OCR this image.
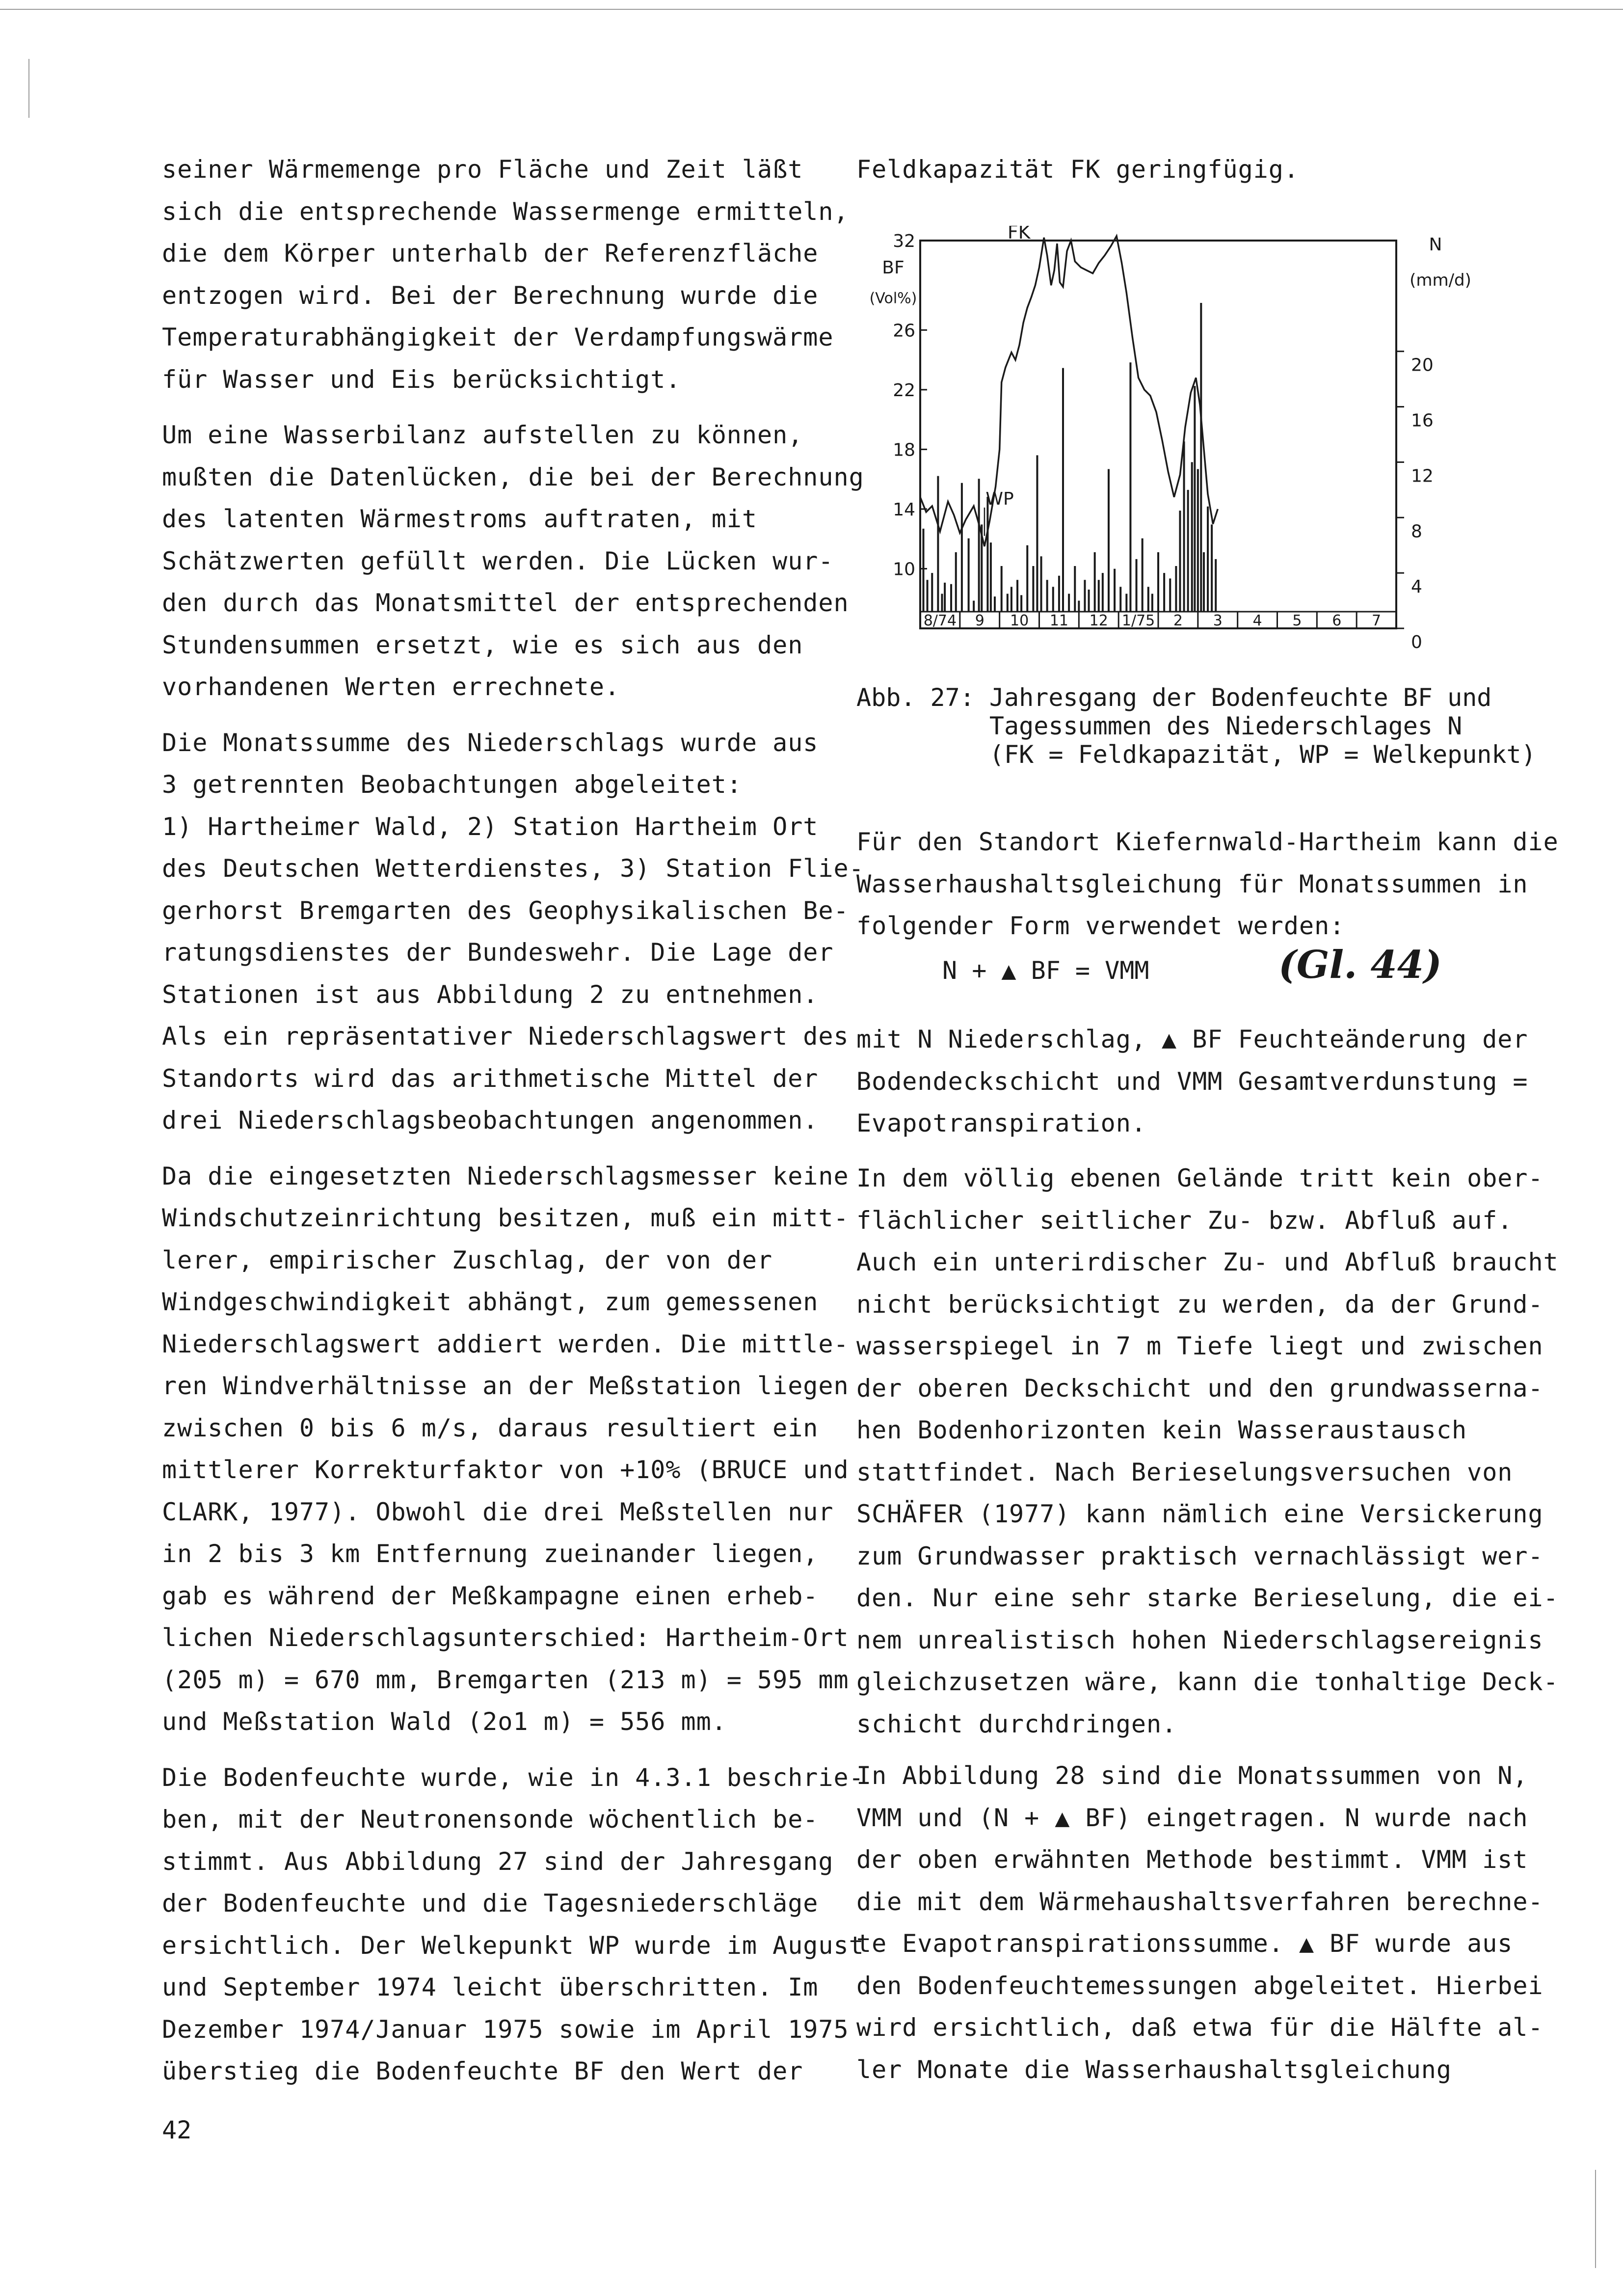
seiner Wärmemenge pro Fläche und Zeit läßt
sich die entsprechende Wassermenge ermitteln,
die dem Körper unterhalb der Referenzfläche
entzogen wird. Bei der Berechnung wurde die
Temperaturabhängigkeit der Verdampfungswärme
für Wasser und Eis berücksichtigt.
Um eine Wasserbilanz aufstellen zu können,
mußten die Datenlücken, die bei der Berechnung
des latenten Wärmestroms auftraten, mit
Schätzwerten gefüllt werden. Die Lücken wur-
den durch das Monatsmittel der entsprechenden
Stundensummen ersetzt, wie es sich aus den
vorhandenen Werten errechnete.
Die Monatssumme des Niederschlags wurde aus
3 getrennten Beobachtungen abgeleitet:
1) Hartheimer Wald, 2) Station Hartheim Ort
des Deutschen Wetterdienstes, 3) Station Flie-
gerhorst Bremgarten des Geophysikalischen Be-
ratungsdienstes der Bundeswehr. Die Lage der
Stationen ist aus Abbildung 2 zu entnehmen.
Als ein repräsentativer Niederschlagswert des
Standorts wird das arithmetische Mittel der
drei Niederschlagsbeobachtungen angenommen.
Da die eingesetzten Niederschlagsmesser keine
Windschutzeinrichtung besitzen, muß ein mitt-
lerer, empirischer Zuschlag, der von der
Windgeschwindigkeit abhängt, zum gemessenen
Niederschlagswert addiert werden. Die mittle-
ren Windverhältnisse an der Meßstation liegen
zwischen 0 bis 6 m/s, daraus resultiert ein
mittlerer Korrekturfaktor von +10% (BRUCE und
CLARK, 1977). Obwohl die drei Meßstellen nur
in 2 bis 3 km Entfernung zueinander liegen,
gab es während der Meßkampagne einen erheb-
lichen Niederschlagsunterschied: Hartheim-Ort
(205 m) = 670 mm, Bremgarten (213 m) = 595 mm
und Meßstation Wald (2o1 m) = 556 mm.
Die Bodenfeuchte wurde, wie in 4.3.1 beschrie-
ben, mit der Neutronensonde wöchentlich be-
stimmt. Aus Abbildung 27 sind der Jahresgang
der Bodenfeuchte und die Tagesniederschläge
ersichtlich. Der Welkepunkt WP wurde im August
und September 1974 leicht überschritten. Im
Dezember 1974/Januar 1975 sowie im April 1975
überstieg die Bodenfeuchte BF den Wert der
Feldkapazität FK geringfügig.
FK
32
26
22
18
14
10
BF
(Vol%)
20
16
12
8
4
0
N
(mm/d)
8/74 9 10 11 12 1/75 2 3 4 5 6 7
WP
Abb. 27: Jahresgang der Bodenfeuchte BF und
Tagessummen des Niederschlages N
(FK = Feldkapazität, WP = Welkepunkt)
Für den Standort Kiefernwald-Hartheim kann die
Wasserhaushaltsgleichung für Monatssummen in
folgender Form verwendet werden:
N + ▲ BF = VMM	(Gl. 44)
mit N Niederschlag, ▲ BF Feuchteänderung der
Bodendeckschicht und VMM Gesamtverdunstung =
Evapotranspiration.
In dem völlig ebenen Gelände tritt kein ober-
flächlicher seitlicher Zu- bzw. Abfluß auf.
Auch ein unterirdischer Zu- und Abfluß braucht
nicht berücksichtigt zu werden, da der Grund-
wasserspiegel in 7 m Tiefe liegt und zwischen
der oberen Deckschicht und den grundwasserna-
hen Bodenhorizonten kein Wasseraustausch
stattfindet. Nach Berieselungsversuchen von
SCHÄFER (1977) kann nämlich eine Versickerung
zum Grundwasser praktisch vernachlässigt wer-
den. Nur eine sehr starke Berieselung, die ei-
nem unrealistisch hohen Niederschlagsereignis
gleichzusetzen wäre, kann die tonhaltige Deck-
schicht durchdringen.
In Abbildung 28 sind die Monatssummen von N,
VMM und (N + ▲ BF) eingetragen. N wurde nach
der oben erwähnten Methode bestimmt. VMM ist
die mit dem Wärmehaushaltsverfahren berechne-
te Evapotranspirationssumme. ▲ BF wurde aus
den Bodenfeuchtemessungen abgeleitet. Hierbei
wird ersichtlich, daß etwa für die Hälfte al-
ler Monate die Wasserhaushaltsgleichung
42
